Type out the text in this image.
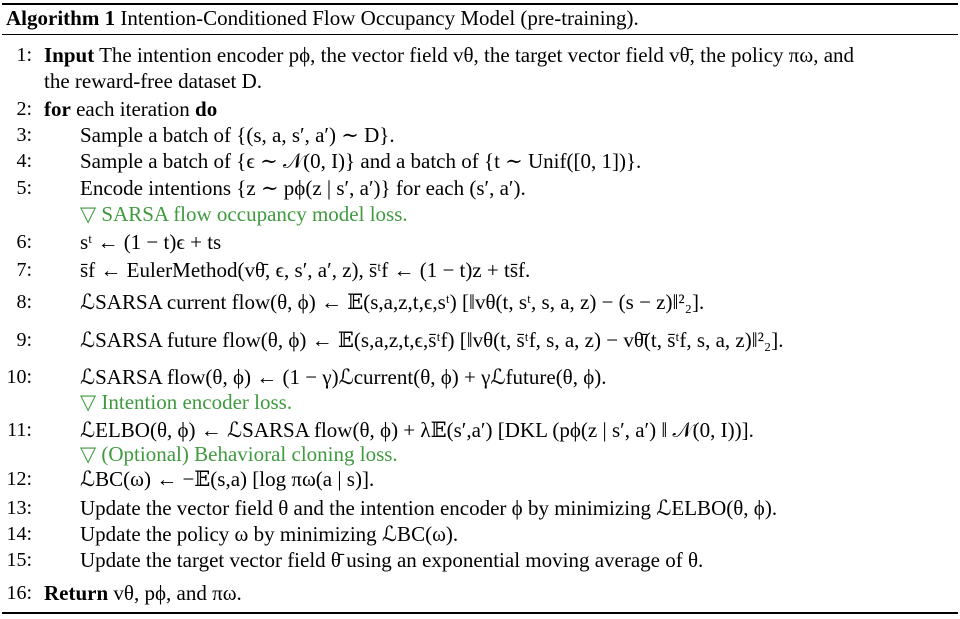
Algorithm 1 Intention-Conditioned Flow Occupancy Model (pre-training).
1: Input The intention encoder pϕ, the vector field vθ, the target vector field vθ̄, the policy πω, and
the reward-free dataset D.
2: for each iteration do
3: Sample a batch of {(s, a, s′, a′) ∼ D}.
4: Sample a batch of {ϵ ∼ 𝒩(0, I)} and a batch of {t ∼ Unif([0, 1])}.
5: Encode intentions {z ∼ pϕ(z | s′, a′)} for each (s′, a′).
▽ SARSA flow occupancy model loss.
6: sᵗ ← (1 − t)ϵ + ts
7: s̄f ← EulerMethod(vθ̄, ϵ, s′, a′, z), s̄ᵗf ← (1 − t)z + ts̄f.
8: ℒSARSA current flow(θ, ϕ) ← 𝔼(s,a,z,t,ϵ,sᵗ) [‖vθ(t, sᵗ, s, a, z) − (s − z)‖²₂].
9: ℒSARSA future flow(θ, ϕ) ← 𝔼(s,a,z,t,ϵ,s̄ᵗf) [‖vθ(t, s̄ᵗf, s, a, z) − vθ̄(t, s̄ᵗf, s, a, z)‖²₂].
10: ℒSARSA flow(θ, ϕ) ← (1 − γ)ℒcurrent(θ, ϕ) + γℒfuture(θ, ϕ).
▽ Intention encoder loss.
11: ℒELBO(θ, ϕ) ← ℒSARSA flow(θ, ϕ) + λ𝔼(s′,a′) [DKL (pϕ(z | s′, a′) ‖ 𝒩(0, I))].
▽ (Optional) Behavioral cloning loss.
12: ℒBC(ω) ← −𝔼(s,a) [log πω(a | s)].
13: Update the vector field θ and the intention encoder ϕ by minimizing ℒELBO(θ, ϕ).
14: Update the policy ω by minimizing ℒBC(ω).
15: Update the target vector field θ̄ using an exponential moving average of θ.
16: Return vθ, pϕ, and πω.
